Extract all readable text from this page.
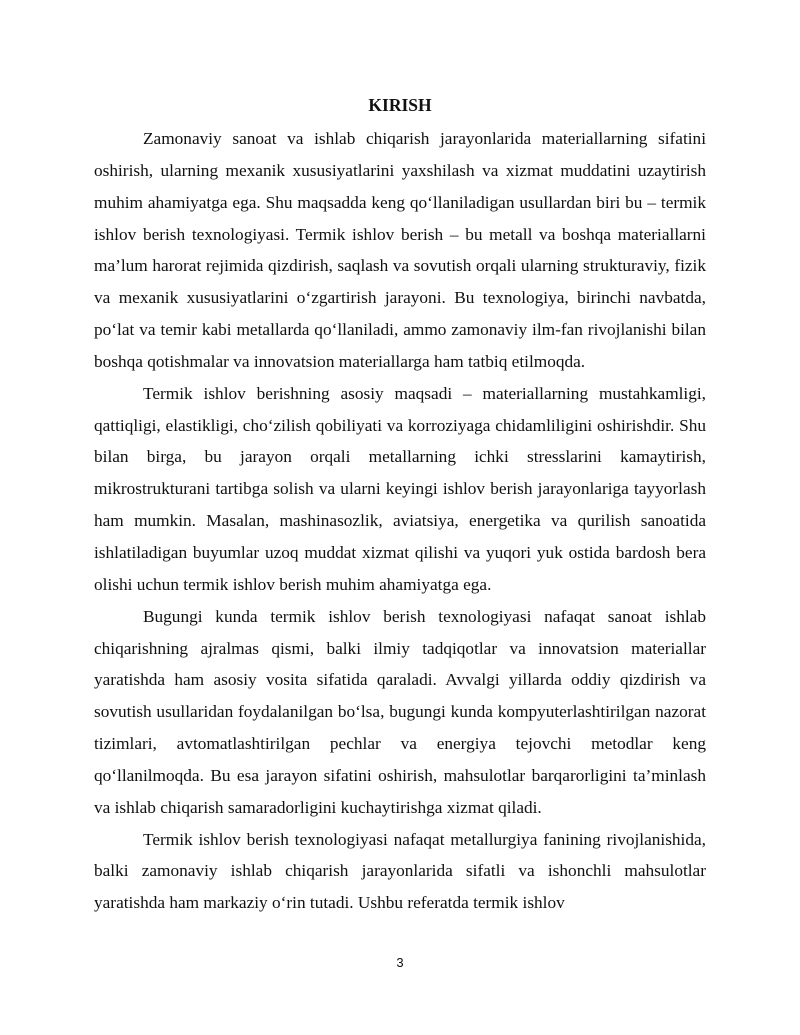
KIRISH

Zamonaviy sanoat va ishlab chiqarish jarayonlarida materiallarning sifatini oshirish, ularning mexanik xususiyatlarini yaxshilash va xizmat muddatini uzaytirish muhim ahamiyatga ega. Shu maqsadda keng qo‘llaniladigan usullardan biri bu – termik ishlov berish texnologiyasi. Termik ishlov berish – bu metall va boshqa materiallarni ma’lum harorat rejimida qizdirish, saqlash va sovutish orqali ularning strukturaviy, fizik va mexanik xususiyatlarini o‘zgartirish jarayoni. Bu texnologiya, birinchi navbatda, po‘lat va temir kabi metallarda qo‘llaniladi, ammo zamonaviy ilm-fan rivojlanishi bilan boshqa qotishmalar va innovatsion materiallarga ham tatbiq etilmoqda.

Termik ishlov berishning asosiy maqsadi – materiallarning mustahkamligi, qattiqligi, elastikligi, cho‘zilish qobiliyati va korroziyaga chidamliligini oshirishdir. Shu bilan birga, bu jarayon orqali metallarning ichki stresslarini kamaytirish, mikrostrukturani tartibga solish va ularni keyingi ishlov berish jarayonlariga tayyorlash ham mumkin. Masalan, mashinasozlik, aviatsiya, energetika va qurilish sanoatida ishlatiladigan buyumlar uzoq muddat xizmat qilishi va yuqori yuk ostida bardosh bera olishi uchun termik ishlov berish muhim ahamiyatga ega.

Bugungi kunda termik ishlov berish texnologiyasi nafaqat sanoat ishlab chiqarishning ajralmas qismi, balki ilmiy tadqiqotlar va innovatsion materiallar yaratishda ham asosiy vosita sifatida qaraladi. Avvalgi yillarda oddiy qizdirish va sovutish usullaridan foydalanilgan bo‘lsa, bugungi kunda kompyuterlashtirilgan nazorat tizimlari, avtomatlashtirilgan pechlar va energiya tejovchi metodlar keng qo‘llanilmoqda. Bu esa jarayon sifatini oshirish, mahsulotlar barqarorligini ta’minlash va ishlab chiqarish samaradorligini kuchaytirishga xizmat qiladi.

Termik ishlov berish texnologiyasi nafaqat metallurgiya fanining rivojlanishida, balki zamonaviy ishlab chiqarish jarayonlarida sifatli va ishonchli mahsulotlar yaratishda ham markaziy o‘rin tutadi. Ushbu referatda termik ishlov

3
